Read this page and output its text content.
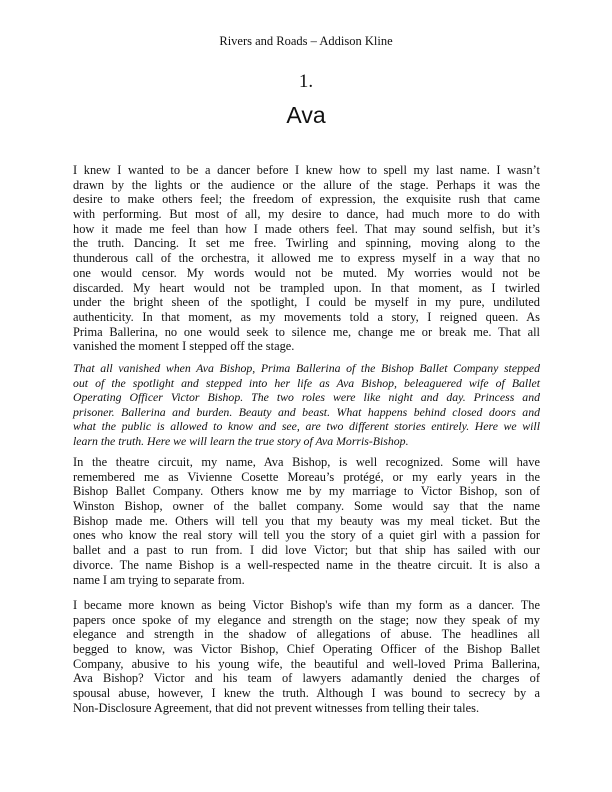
Rivers and Roads – Addison Kline
1.
Ava
I knew I wanted to be a dancer before I knew how to spell my last name. I wasn’t
drawn by the lights or the audience or the allure of the stage. Perhaps it was the
desire to make others feel; the freedom of expression, the exquisite rush that came
with performing. But most of all, my desire to dance, had much more to do with
how it made me feel than how I made others feel. That may sound selfish, but it’s
the truth. Dancing. It set me free. Twirling and spinning, moving along to the
thunderous call of the orchestra, it allowed me to express myself in a way that no
one would censor. My words would not be muted. My worries would not be
discarded. My heart would not be trampled upon. In that moment, as I twirled
under the bright sheen of the spotlight, I could be myself in my pure, undiluted
authenticity. In that moment, as my movements told a story, I reigned queen. As
Prima Ballerina, no one would seek to silence me, change me or break me. That all
vanished the moment I stepped off the stage.
That all vanished when Ava Bishop, Prima Ballerina of the Bishop Ballet Company stepped
out of the spotlight and stepped into her life as Ava Bishop, beleaguered wife of Ballet
Operating Officer Victor Bishop. The two roles were like night and day. Princess and
prisoner. Ballerina and burden. Beauty and beast. What happens behind closed doors and
what the public is allowed to know and see, are two different stories entirely. Here we will
learn the truth. Here we will learn the true story of Ava Morris-Bishop.
In the theatre circuit, my name, Ava Bishop, is well recognized. Some will have
remembered me as Vivienne Cosette Moreau’s protégé, or my early years in the
Bishop Ballet Company. Others know me by my marriage to Victor Bishop, son of
Winston Bishop, owner of the ballet company. Some would say that the name
Bishop made me. Others will tell you that my beauty was my meal ticket. But the
ones who know the real story will tell you the story of a quiet girl with a passion for
ballet and a past to run from. I did love Victor; but that ship has sailed with our
divorce. The name Bishop is a well-respected name in the theatre circuit. It is also a
name I am trying to separate from.
I became more known as being Victor Bishop's wife than my form as a dancer. The
papers once spoke of my elegance and strength on the stage; now they speak of my
elegance and strength in the shadow of allegations of abuse. The headlines all
begged to know, was Victor Bishop, Chief Operating Officer of the Bishop Ballet
Company, abusive to his young wife, the beautiful and well-loved Prima Ballerina,
Ava Bishop? Victor and his team of lawyers adamantly denied the charges of
spousal abuse, however, I knew the truth. Although I was bound to secrecy by a
Non-Disclosure Agreement, that did not prevent witnesses from telling their tales.
